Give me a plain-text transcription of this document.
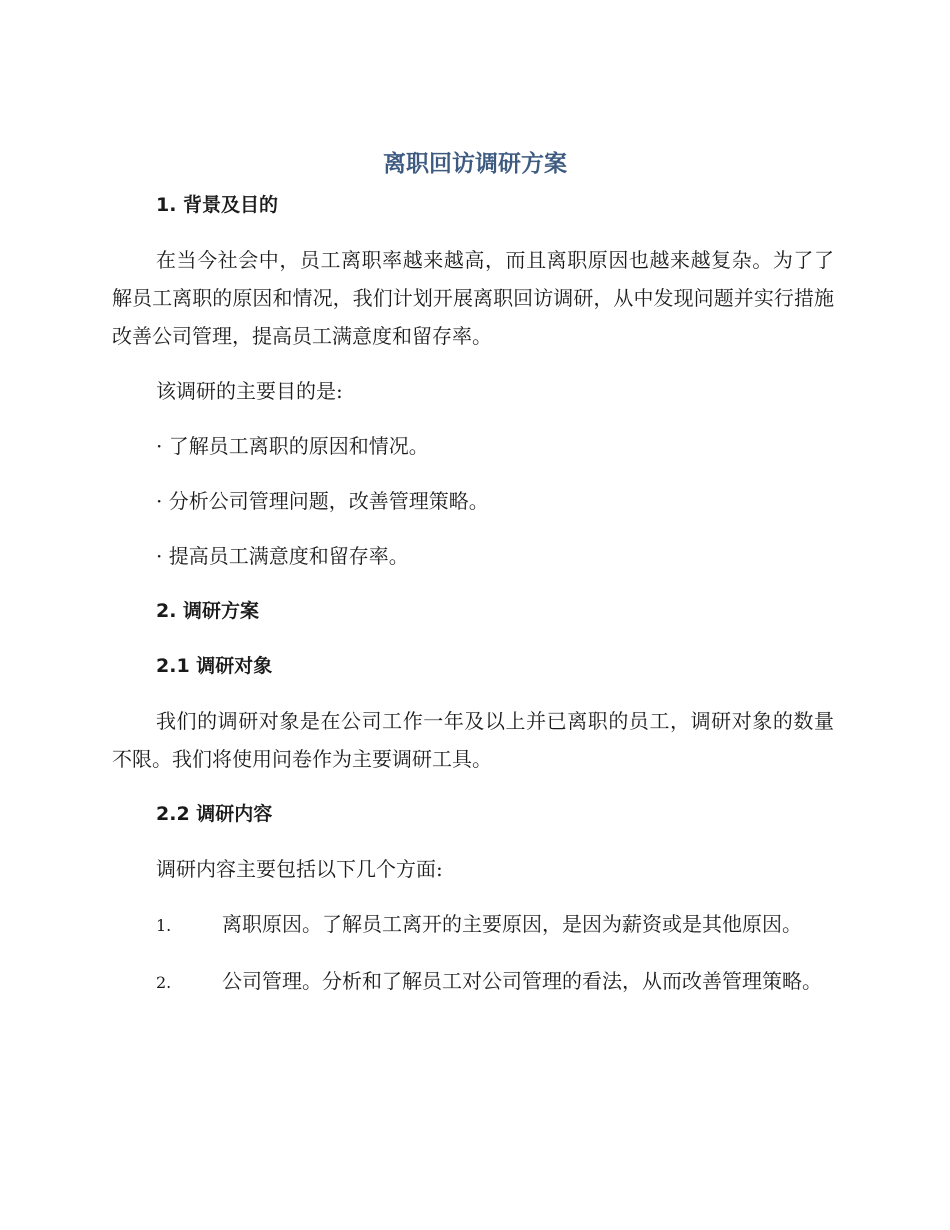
离职回访调研方案
1. 背景及目的

在当今社会中，员工离职率越来越高，而且离职原因也越来越复杂。为了了解员工离职的原因和情况，我们计划开展离职回访调研，从中发现问题并实行措施改善公司管理，提高员工满意度和留存率。

该调研的主要目的是:

· 了解员工离职的原因和情况。

· 分析公司管理问题，改善管理策略。

· 提高员工满意度和留存率。

2. 调研方案
2.1 调研对象

我们的调研对象是在公司工作一年及以上并已离职的员工，调研对象的数量不限。我们将使用问卷作为主要调研工具。

2.2 调研内容

调研内容主要包括以下几个方面:

1.	离职原因。了解员工离开的主要原因，是因为薪资或是其他原因。
2.	公司管理。分析和了解员工对公司管理的看法，从而改善管理策略。
